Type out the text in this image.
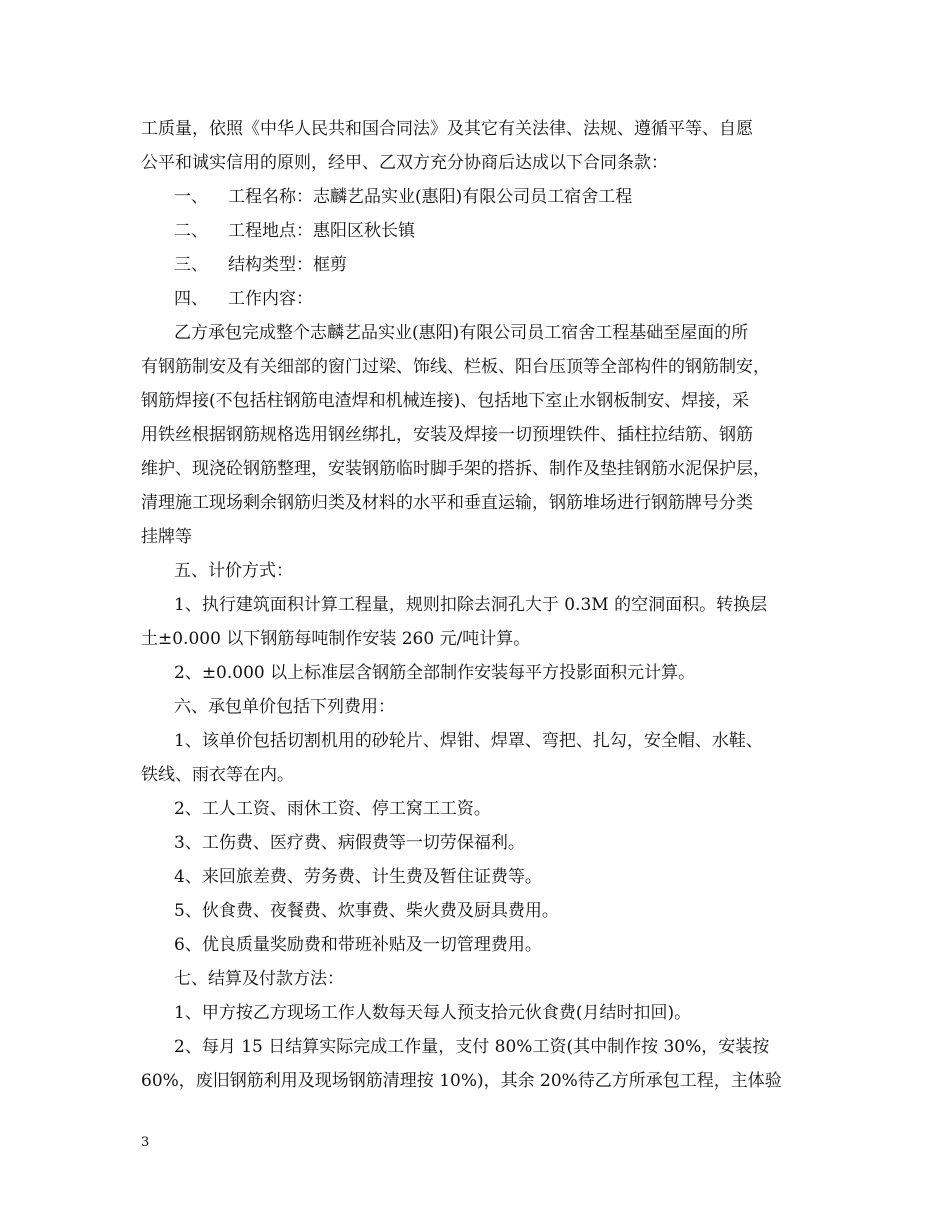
工质量，依照《中华人民共和国合同法》及其它有关法律、法规、遵循平等、自愿
公平和诚实信用的原则，经甲、乙双方充分协商后达成以下合同条款：
一、 工程名称：志麟艺品实业(惠阳)有限公司员工宿舍工程
二、 工程地点：惠阳区秋长镇
三、 结构类型：框剪
四、 工作内容：
乙方承包完成整个志麟艺品实业(惠阳)有限公司员工宿舍工程基础至屋面的所
有钢筋制安及有关细部的窗门过梁、饰线、栏板、阳台压顶等全部构件的钢筋制安，
钢筋焊接(不包括柱钢筋电渣焊和机械连接)、包括地下室止水钢板制安、焊接，采
用铁丝根据钢筋规格选用钢丝绑扎，安装及焊接一切预埋铁件、插柱拉结筋、钢筋
维护、现浇砼钢筋整理，安装钢筋临时脚手架的搭拆、制作及垫挂钢筋水泥保护层，
清理施工现场剩余钢筋归类及材料的水平和垂直运输，钢筋堆场进行钢筋牌号分类
挂牌等
五、计价方式：
1、执行建筑面积计算工程量，规则扣除去洞孔大于 0.3M 的空洞面积。转换层
土±0.000 以下钢筋每吨制作安装 260 元/吨计算。
2、±0.000 以上标准层含钢筋全部制作安装每平方投影面积元计算。
六、承包单价包括下列费用：
1、该单价包括切割机用的砂轮片、焊钳、焊罩、弯把、扎勾，安全帽、水鞋、
铁线、雨衣等在内。
2、工人工资、雨休工资、停工窝工工资。
3、工伤费、医疗费、病假费等一切劳保福利。
4、来回旅差费、劳务费、计生费及暂住证费等。
5、伙食费、夜餐费、炊事费、柴火费及厨具费用。
6、优良质量奖励费和带班补贴及一切管理费用。
七、结算及付款方法：
1、甲方按乙方现场工作人数每天每人预支拾元伙食费(月结时扣回)。
2、每月 15 日结算实际完成工作量，支付 80%工资(其中制作按 30%，安装按
60%，废旧钢筋利用及现场钢筋清理按 10%)，其余 20%待乙方所承包工程，主体验
3
